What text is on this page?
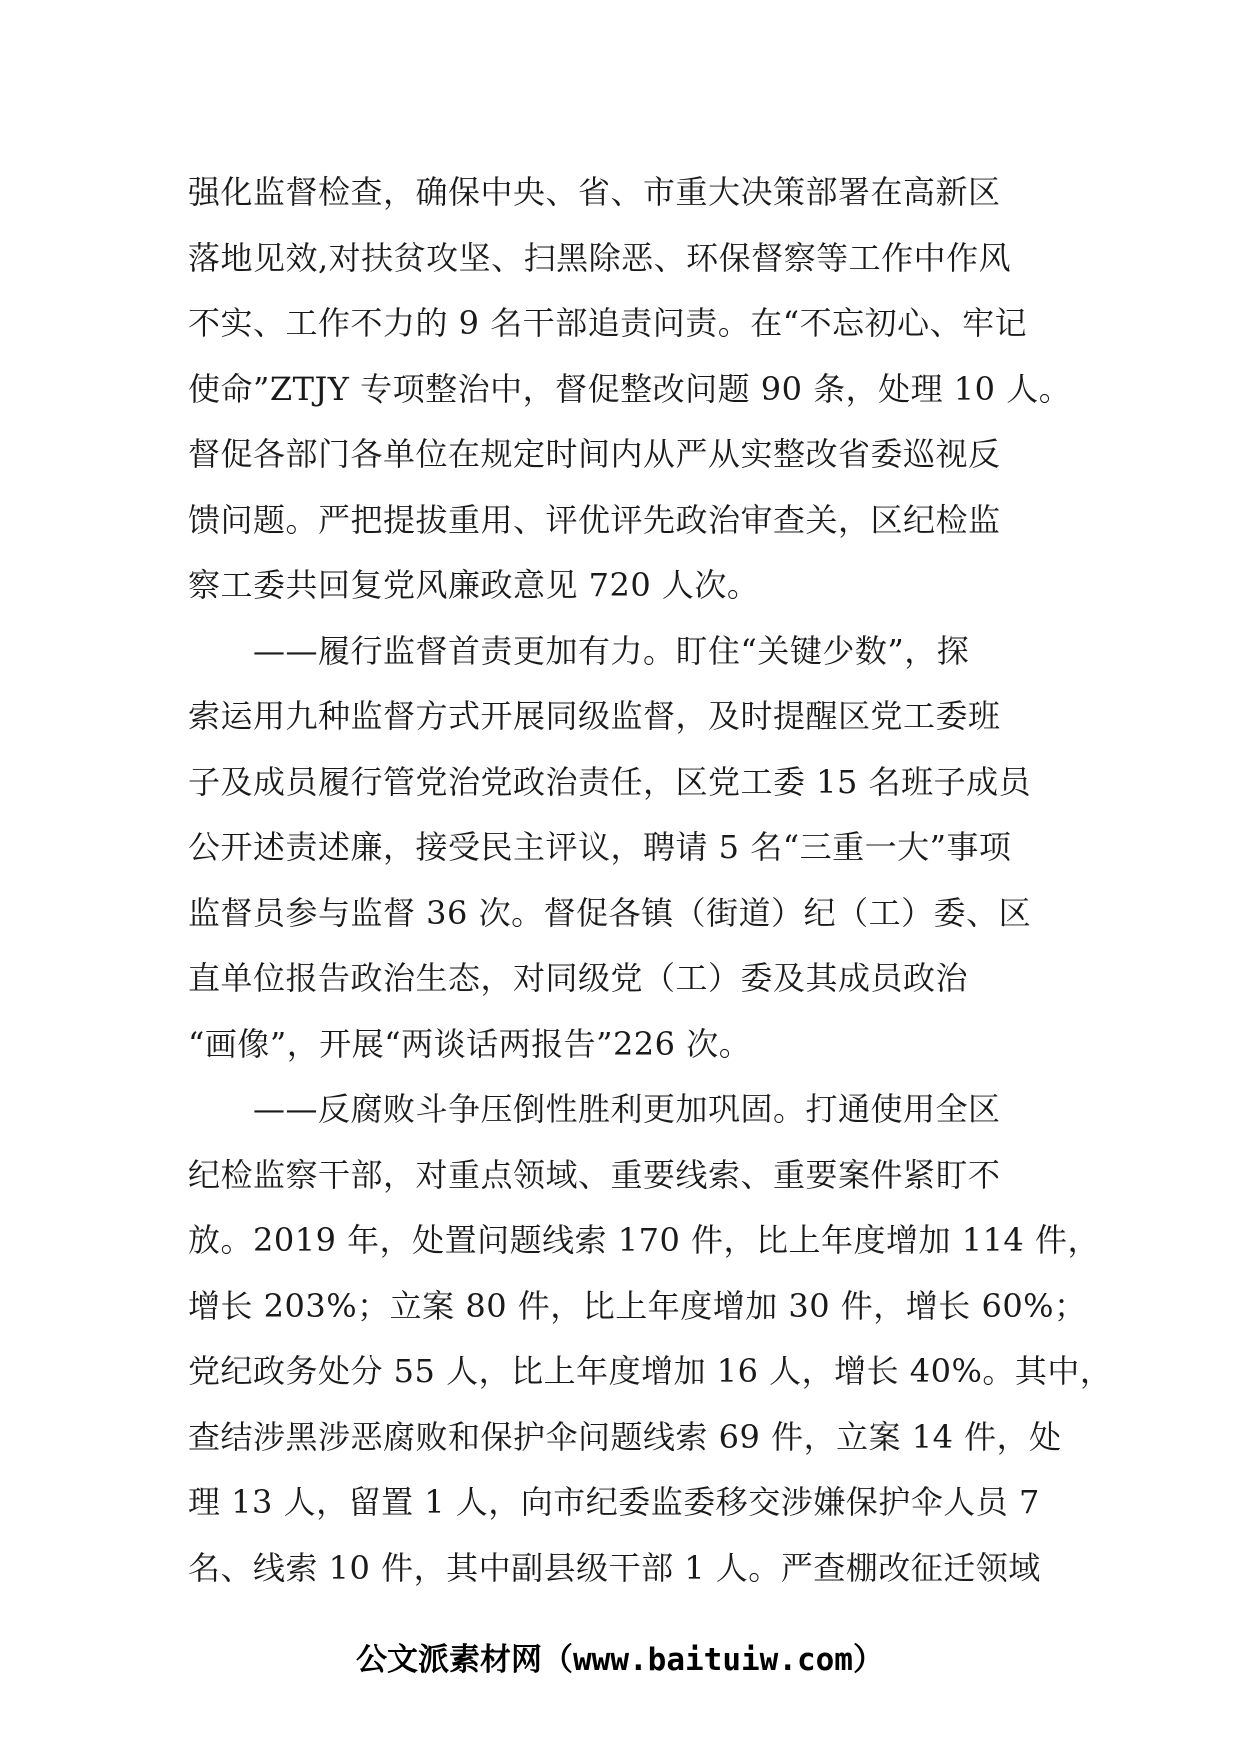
强化监督检查，确保中央、省、市重大决策部署在高新区
落地见效,对扶贫攻坚、扫黑除恶、环保督察等工作中作风
不实、工作不力的 9 名干部追责问责。在“不忘初心、牢记
使命”ZTJY 专项整治中，督促整改问题 90 条，处理 10 人。
督促各部门各单位在规定时间内从严从实整改省委巡视反
馈问题。严把提拔重用、评优评先政治审查关，区纪检监
察工委共回复党风廉政意见 720 人次。
　　——履行监督首责更加有力。盯住“关键少数”，探
索运用九种监督方式开展同级监督，及时提醒区党工委班
子及成员履行管党治党政治责任，区党工委 15 名班子成员
公开述责述廉，接受民主评议，聘请 5 名“三重一大”事项
监督员参与监督 36 次。督促各镇（街道）纪（工）委、区
直单位报告政治生态，对同级党（工）委及其成员政治
“画像”，开展“两谈话两报告”226 次。
　　——反腐败斗争压倒性胜利更加巩固。打通使用全区
纪检监察干部，对重点领域、重要线索、重要案件紧盯不
放。2019 年，处置问题线索 170 件，比上年度增加 114 件，
增长 203%；立案 80 件，比上年度增加 30 件，增长 60%；
党纪政务处分 55 人，比上年度增加 16 人，增长 40%。其中，
查结涉黑涉恶腐败和保护伞问题线索 69 件，立案 14 件，处
理 13 人，留置 1 人，向市纪委监委移交涉嫌保护伞人员 7
名、线索 10 件，其中副县级干部 1 人。严查棚改征迁领域
公文派素材网（www.baituiw.com）
